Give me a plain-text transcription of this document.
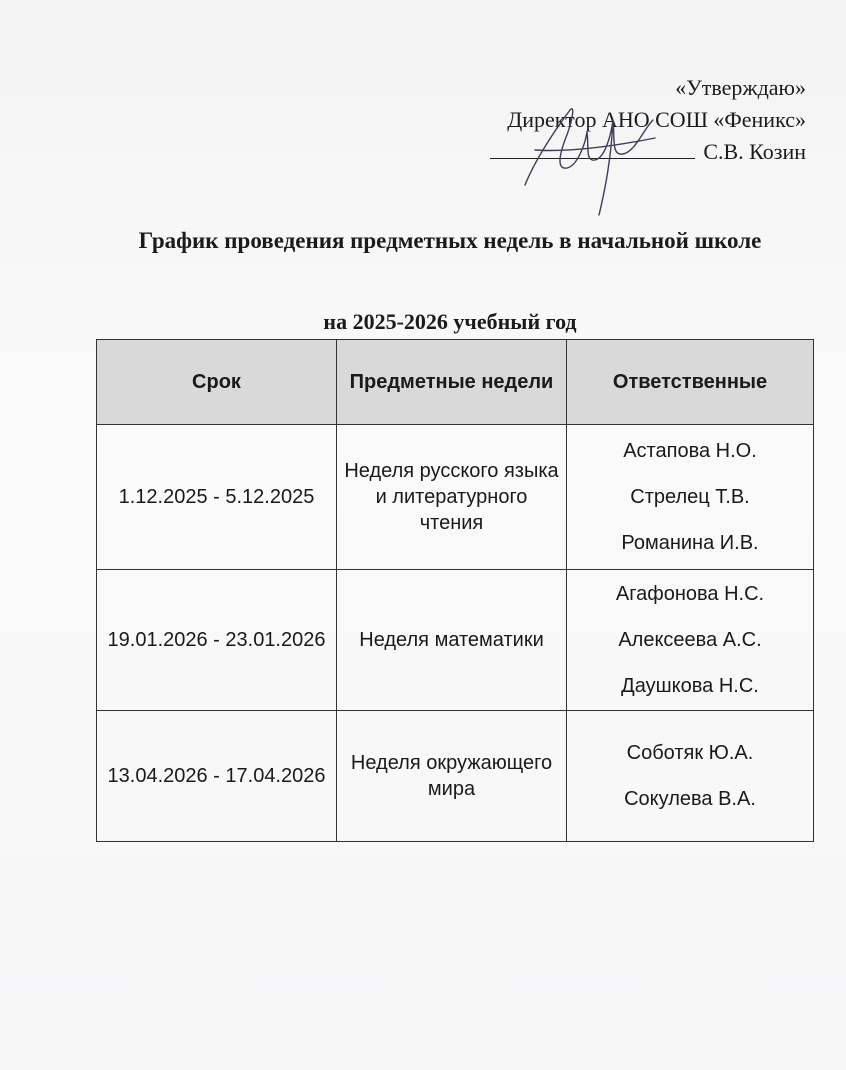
«Утверждаю»
Директор АНО СОШ «Феникс»
С.В. Козин
График проведения предметных недель в начальной школе
на 2025-2026 учебный год
Срок	Предметные недели	Ответственные
1.12.2025 - 5.12.2025	Неделя русского языка и литературного чтения	Астапова Н.О.
Стрелец Т.В.
Романина И.В.

19.01.2026 - 23.01.2026	Неделя математики	Агафонова Н.С.
Алексеева А.С.
Даушкова Н.С.

13.04.2026 - 17.04.2026	Неделя окружающего мира	Соботяк Ю.А.
Сокулева В.А.
